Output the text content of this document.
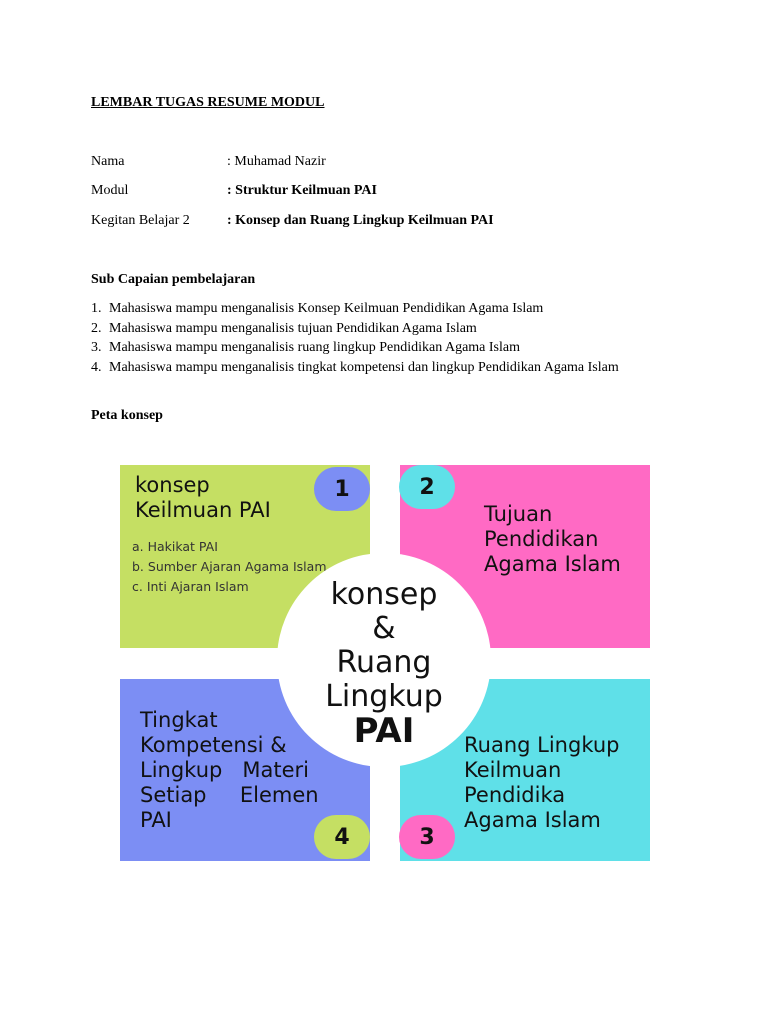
LEMBAR TUGAS RESUME MODUL
Nama	: Muhamad Nazir
Modul	: Struktur Keilmuan PAI
Kegitan Belajar 2	: Konsep dan Ruang Lingkup Keilmuan PAI
Sub Capaian pembelajaran
1. Mahasiswa mampu menganalisis Konsep Keilmuan Pendidikan Agama Islam
2. Mahasiswa mampu menganalisis tujuan Pendidikan Agama Islam
3. Mahasiswa mampu menganalisis ruang lingkup Pendidikan Agama Islam
4. Mahasiswa mampu menganalisis tingkat kompetensi dan lingkup Pendidikan Agama Islam
Peta konsep
konsep
Keilmuan PAI
a. Hakikat PAI
b. Sumber Ajaran Agama Islam
c. Inti Ajaran Islam
Tujuan
Pendidikan
Agama Islam
Ruang Lingkup
Keilmuan
Pendidika
Agama Islam
Tingkat
Kompetensi &
Lingkup   Materi
Setiap     Elemen
PAI
1	2
3
4
konsep
&
Ruang
Lingkup
PAI
